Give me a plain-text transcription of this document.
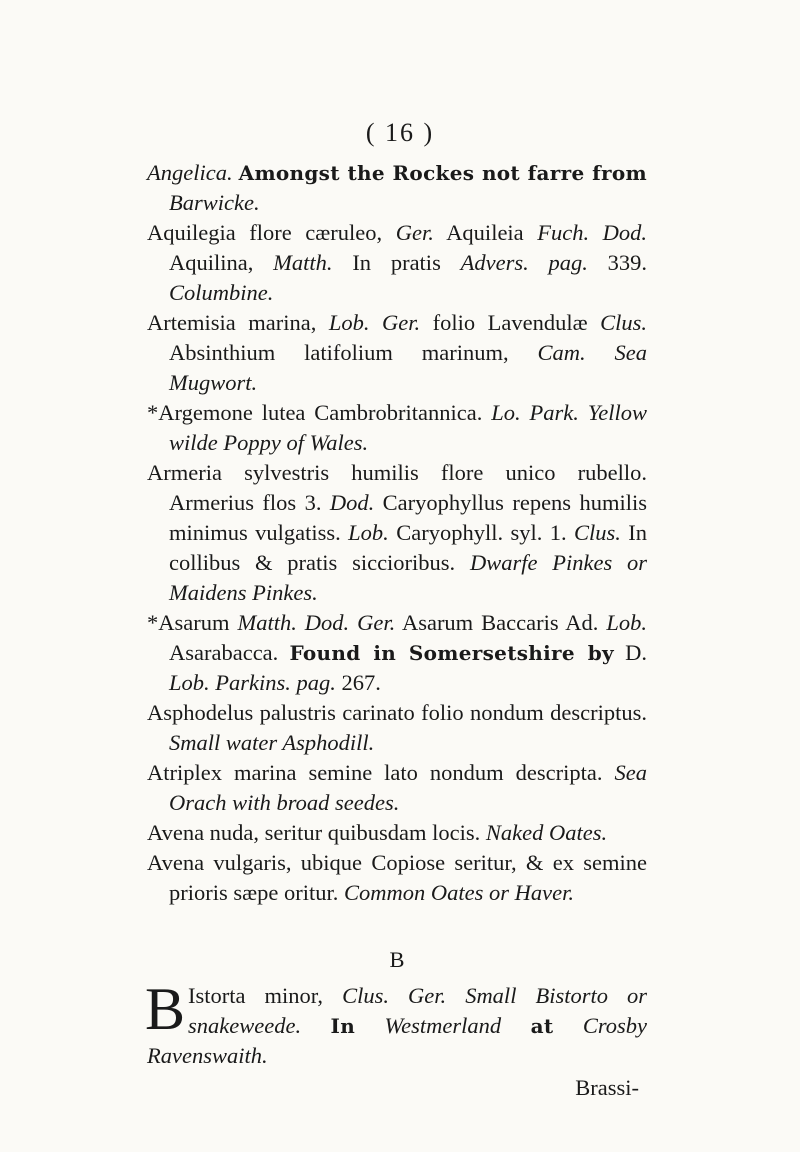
( 16 )

Angelica. Amongst the Rockes not farre from Barwicke.

Aquilegia flore cæruleo, Ger. Aquileia Fuch. Dod. Aquilina, Matth. In pratis Advers. pag. 339. Columbine.

Artemisia marina, Lob. Ger. folio Lavendulæ Clus. Absinthium latifolium marinum, Cam. Sea Mugwort.

*Argemone lutea Cambrobritannica. Lo. Park. Yellow wilde Poppy of Wales.

Armeria sylvestris humilis flore unico rubello. Armerius flos 3. Dod. Caryophyllus repens humilis minimus vulgatiss. Lob. Caryophyll. syl. 1. Clus. In collibus & pratis siccioribus. Dwarfe Pinkes or Maidens Pinkes.

*Asarum Matth. Dod. Ger. Asarum Baccaris Ad. Lob. Asarabacca. Found in Somersetshire by D. Lob. Parkins. pag. 267.

Asphodelus palustris carinato folio nondum descriptus. Small water Asphodill.

Atriplex marina semine lato nondum descripta. Sea Orach with broad seedes.

Avena nuda, seritur quibusdam locis. Naked Oates.

Avena vulgaris, ubique Copiose seritur, & ex semine prioris sæpe oritur. Common Oates or Haver.

B

B Istorta minor, Clus. Ger. Small Bistorto or snakeweede. In Westmerland at Crosby Ravenswaith.

Brassi-
